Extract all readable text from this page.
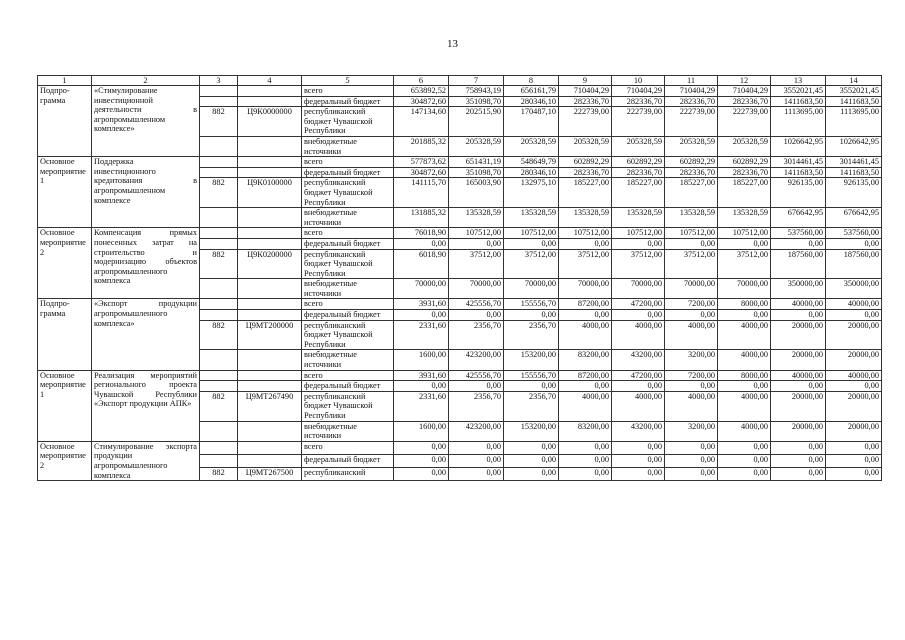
13
1	2	3	4	5	6	7	8	9	10	11	12	13	14
Подпро-грамма	«Стимулирование инвестиционной деятельности в агропромышленном комплексе»			всего	653892,52	758943,19	656161,79	710404,29	710404,29	710404,29	710404,29	3552021,45	3552021,45
				федеральный бюджет	304872,60	351098,70	280346,10	282336,70	282336,70	282336,70	282336,70	1411683,50	1411683,50
		882	Ц9К0000000	республиканский бюджет Чувашской Республики	147134,60	202515,90	170487,10	222739,00	222739,00	222739,00	222739,00	1113695,00	1113695,00
				внебюджетные источники	201885,32	205328,59	205328,59	205328,59	205328,59	205328,59	205328,59	1026642,95	1026642,95
Основное мероприятие 1	Поддержка инвестиционного кредитования в агропромышленном комплексе			всего	577873,62	651431,19	548649,79	602892,29	602892,29	602892,29	602892,29	3014461,45	3014461,45
				федеральный бюджет	304872,60	351098,70	280346,10	282336,70	282336,70	282336,70	282336,70	1411683,50	1411683,50
		882	Ц9К0100000	республиканский бюджет Чувашской Республики	141115,70	165003,90	132975,10	185227,00	185227,00	185227,00	185227,00	926135,00	926135,00
				внебюджетные источники	131885,32	135328,59	135328,59	135328,59	135328,59	135328,59	135328,59	676642,95	676642,95
Основное мероприятие 2	Компенсация прямых понесенных затрат на строительство и модернизацию объектов агропромышленного комплекса			всего	76018,90	107512,00	107512,00	107512,00	107512,00	107512,00	107512,00	537560,00	537560,00
				федеральный бюджет	0,00	0,00	0,00	0,00	0,00	0,00	0,00	0,00	0,00
		882	Ц9К0200000	республиканский бюджет Чувашской Республики	6018,90	37512,00	37512,00	37512,00	37512,00	37512,00	37512,00	187560,00	187560,00
				внебюджетные источники	70000,00	70000,00	70000,00	70000,00	70000,00	70000,00	70000,00	350000,00	350000,00
Подпро-грамма	«Экспорт продукции агропромышленного комплекса»			всего	3931,60	425556,70	155556,70	87200,00	47200,00	7200,00	8000,00	40000,00	40000,00
				федеральный бюджет	0,00	0,00	0,00	0,00	0,00	0,00	0,00	0,00	0,00
		882	Ц9МТ200000	республиканский бюджет Чувашской Республики	2331,60	2356,70	2356,70	4000,00	4000,00	4000,00	4000,00	20000,00	20000,00
				внебюджетные источники	1600,00	423200,00	153200,00	83200,00	43200,00	3200,00	4000,00	20000,00	20000,00
Основное мероприятие 1	Реализация мероприятий регионального проекта Чувашской Республики «Экспорт продукции АПК»			всего	3931,60	425556,70	155556,70	87200,00	47200,00	7200,00	8000,00	40000,00	40000,00
				федеральный бюджет	0,00	0,00	0,00	0,00	0,00	0,00	0,00	0,00	0,00
		882	Ц9МТ267490	республиканский бюджет Чувашской Республики	2331,60	2356,70	2356,70	4000,00	4000,00	4000,00	4000,00	20000,00	20000,00
				внебюджетные источники	1600,00	423200,00	153200,00	83200,00	43200,00	3200,00	4000,00	20000,00	20000,00
Основное мероприятие 2	Стимулирование экспорта продукции агропромышленного комплекса			всего	0,00	0,00	0,00	0,00	0,00	0,00	0,00	0,00	0,00
				федеральный бюджет	0,00	0,00	0,00	0,00	0,00	0,00	0,00	0,00	0,00
		882	Ц9МТ267500	республиканский	0,00	0,00	0,00	0,00	0,00	0,00	0,00	0,00	0,00
